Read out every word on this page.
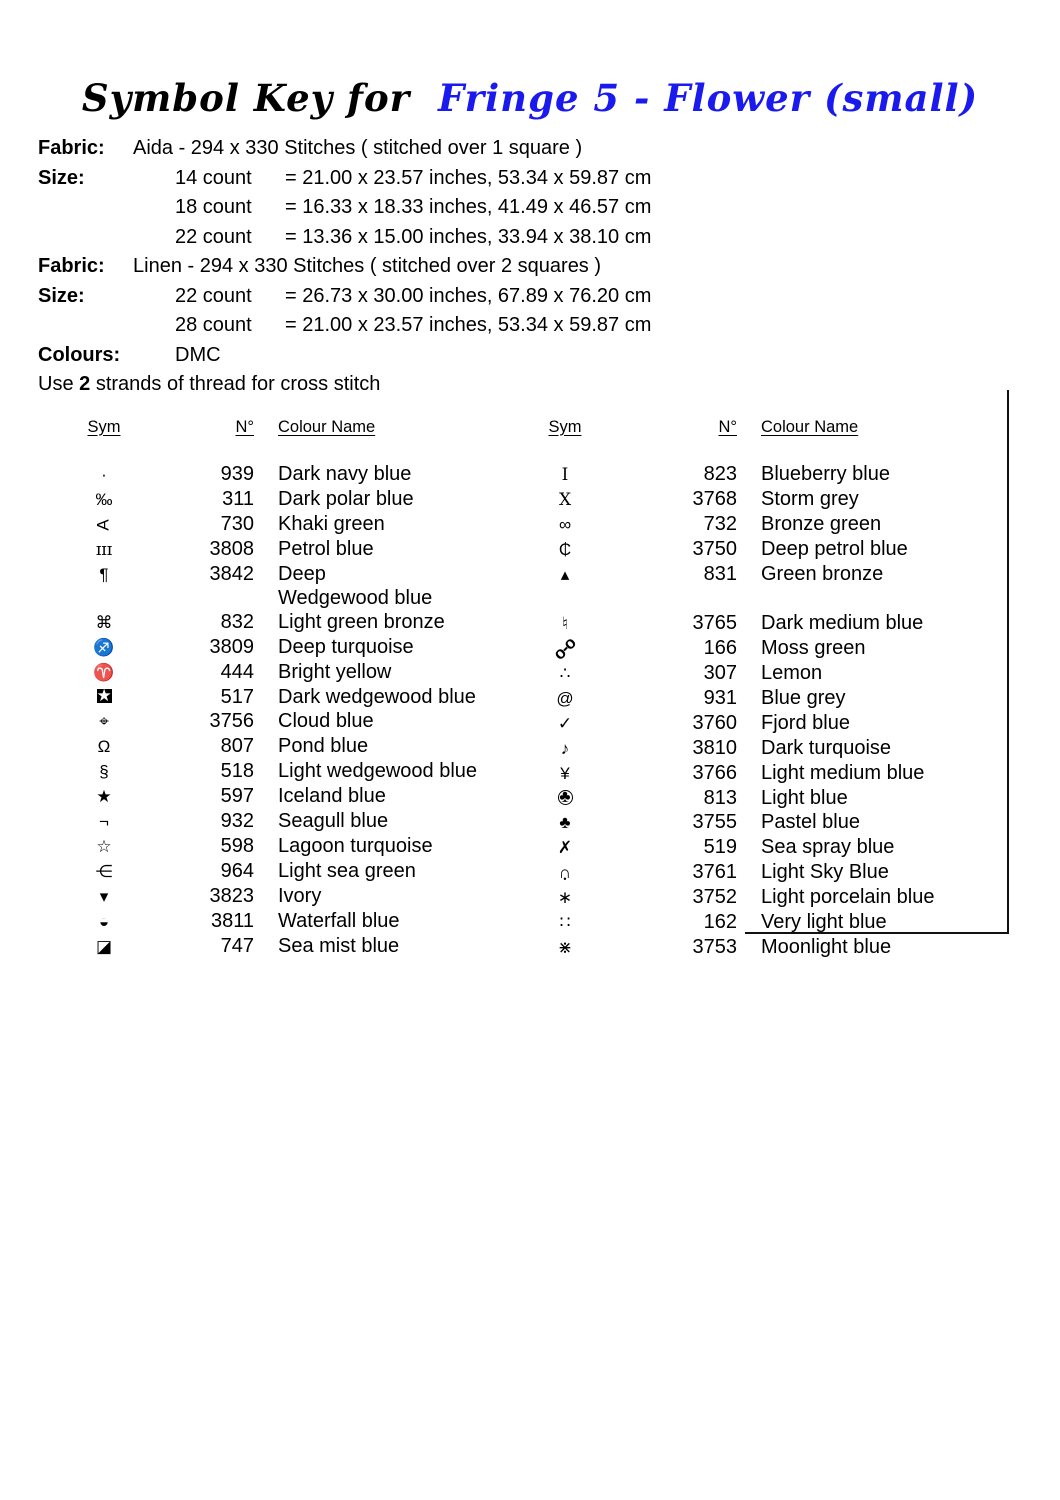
Symbol Key for Fringe 5 - Flower (small)
Fabric: Aida - 294 x 330 Stitches ( stitched over 1 square )
Size:	14 count = 21.00 x 23.57 inches, 53.34 x 59.87 cm
18 count = 16.33 x 18.33 inches, 41.49 x 46.57 cm
22 count = 13.36 x 15.00 inches, 33.94 x 38.10 cm
Fabric: Linen - 294 x 330 Stitches ( stitched over 2 squares )
Size:	22 count = 26.73 x 30.00 inches, 67.89 x 76.20 cm
28 count = 21.00 x 23.57 inches, 53.34 x 59.87 cm
Colours:	DMC
Use 2 strands of thread for cross stitch
Sym	N° Colour Name
·	939 Dark navy blue
‰	311 Dark polar blue
A	730 Khaki green
ɪɪɪ	3808 Petrol blue
¶	3842 Deep Wedgewood blue
⌘	832 Light green bronze
♐	3809 Deep turquoise
♈	444 Bright yellow
★	517 Dark wedgewood blue
⌖	3756 Cloud blue
Ω	807 Pond blue
§	518 Light wedgewood blue
★	597 Iceland blue
¬	932 Seagull blue
☆	598 Lagoon turquoise
⋲	964 Light sea green
▾	3823 Ivory
◒	3811 Waterfall blue
◪	747 Sea mist blue
Sym	N° Colour Name
I	823 Blueberry blue
X	3768 Storm grey
∞	732 Bronze green
₵	3750 Deep petrol blue
▴	831 Green bronze
♮	3765 Dark medium blue
o-o	166 Moss green
∴	307 Lemon
@	931 Blue grey
✓	3760 Fjord blue
♪	3810 Dark turquoise
¥	3766 Light medium blue
♣	813 Light blue
♣	3755 Pastel blue
✗	519 Sea spray blue
∩ •	3761 Light Sky Blue
∗	3752 Light porcelain blue
∷	162 Very light blue
⋇	3753 Moonlight blue
